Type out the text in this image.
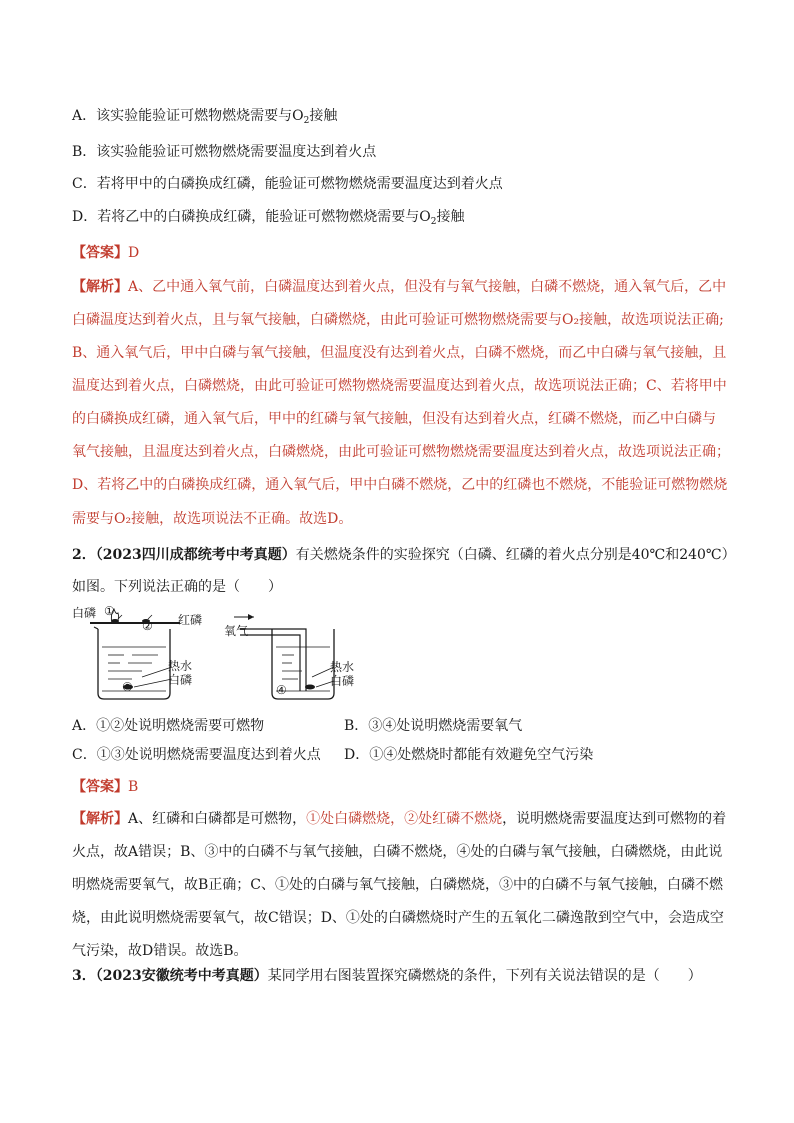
A．该实验能验证可燃物燃烧需要与$O_2$接触
B．该实验能验证可燃物燃烧需要温度达到着火点
C．若将甲中的白磷换成红磷，能验证可燃物燃烧需要温度达到着火点
D．若将乙中的白磷换成红磷，能验证可燃物燃烧需要与$O_2$接触
【答案】D
【解析】A、乙中通入氧气前，白磷温度达到着火点，但没有与氧气接触，白磷不燃烧，通入氧气后，乙中
白磷温度达到着火点，且与氧气接触，白磷燃烧，由此可验证可燃物燃烧需要与O₂接触，故选项说法正确;
B、通入氧气后，甲中白磷与氧气接触，但温度没有达到着火点，白磷不燃烧，而乙中白磷与氧气接触，且
温度达到着火点，白磷燃烧，由此可验证可燃物燃烧需要温度达到着火点，故选项说法正确；C、若将甲中
的白磷换成红磷，通入氧气后，甲中的红磷与氧气接触，但没有达到着火点，红磷不燃烧，而乙中白磷与
氧气接触，且温度达到着火点，白磷燃烧，由此可验证可燃物燃烧需要温度达到着火点，故选项说法正确；
D、若将乙中的白磷换成红磷，通入氧气后，甲中白磷不燃烧，乙中的红磷也不燃烧，不能验证可燃物燃烧
需要与O₂接触，故选项说法不正确。故选D。
2．（2023四川成都统考中考真题）有关燃烧条件的实验探究（白磷、红磷的着火点分别是40℃和240℃）
如图。下列说法正确的是（　　）
白磷 ①
② 红磷
热水
白磷
③
氧气
热水
白磷
④
A．①②处说明燃烧需要可燃物	B．③④处说明燃烧需要氧气
C．①③处说明燃烧需要温度达到着火点 D．①④处燃烧时都能有效避免空气污染
【答案】B
【解析】A、红磷和白磷都是可燃物，①处白磷燃烧，②处红磷不燃烧，说明燃烧需要温度达到可燃物的着
火点，故A错误；B、③中的白磷不与氧气接触，白磷不燃烧，④处的白磷与氧气接触，白磷燃烧，由此说
明燃烧需要氧气，故B正确；C、①处的白磷与氧气接触，白磷燃烧，③中的白磷不与氧气接触，白磷不燃
烧，由此说明燃烧需要氧气，故C错误；D、①处的白磷燃烧时产生的五氧化二磷逸散到空气中，会造成空
气污染，故D错误。故选B。
3．（2023安徽统考中考真题）某同学用右图装置探究磷燃烧的条件，下列有关说法错误的是（　　）
